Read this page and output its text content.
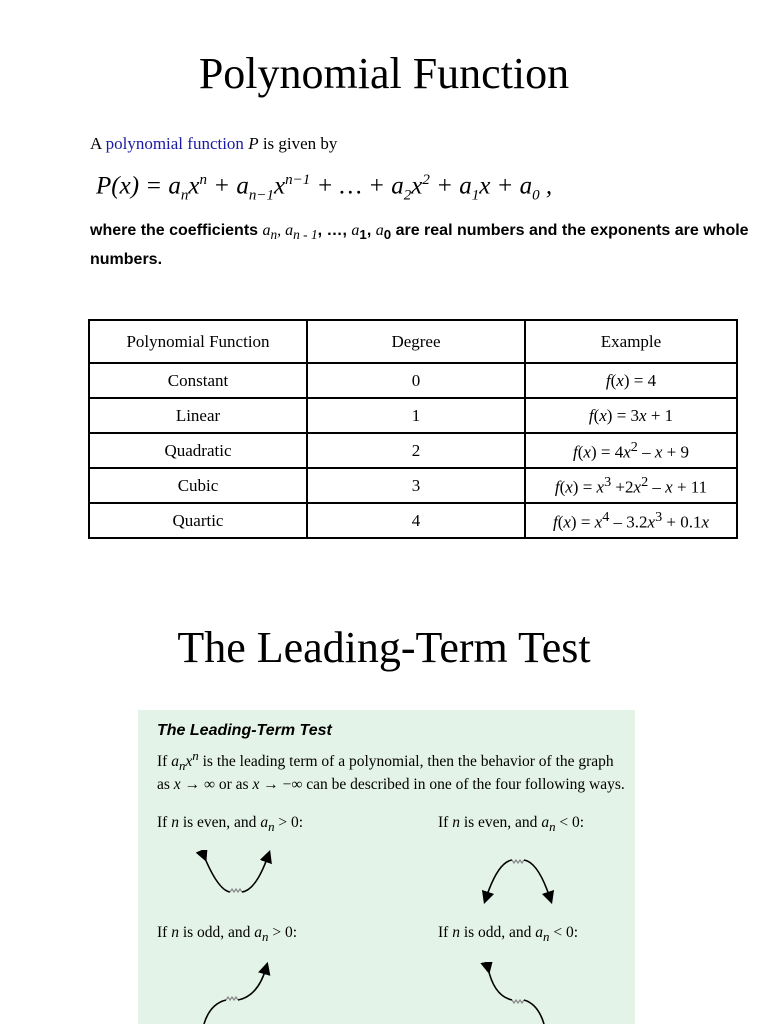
Polynomial Function
A polynomial function P is given by
$P(x) = a_nx^n + a_{n-1}x^{n-1}$ + … + $a_2x^2 + a_1x + a_0$ ,
where the coefficients $a_n$, $a_{n - 1}$, …, $a_1$, $a_0$ are real numbers and the exponents are whole numbers.
Polynomial Function	Degree	Example
Constant	0	f(x) = 4
Linear	1	f(x) = 3x + 1
Quadratic	2	$f(x) = 4x^2 - x + 9$
Cubic	3	$f(x) = x^3 +2x^2 - x + 11$
Quartic	4	$f(x) = x^4 - 3.2x^3 + 0.1x$
The Leading-Term Test
The Leading-Term Test
If $a_nx^n$ is the leading term of a polynomial, then the behavior of the graph as x → ∞ or as x → −∞ can be described in one of the four following ways.
If n is even, and $a_n > 0$:	If n is even, and $a_n < 0$:
If n is odd, and $a_n > 0$:	If n is odd, and $a_n < 0$:
